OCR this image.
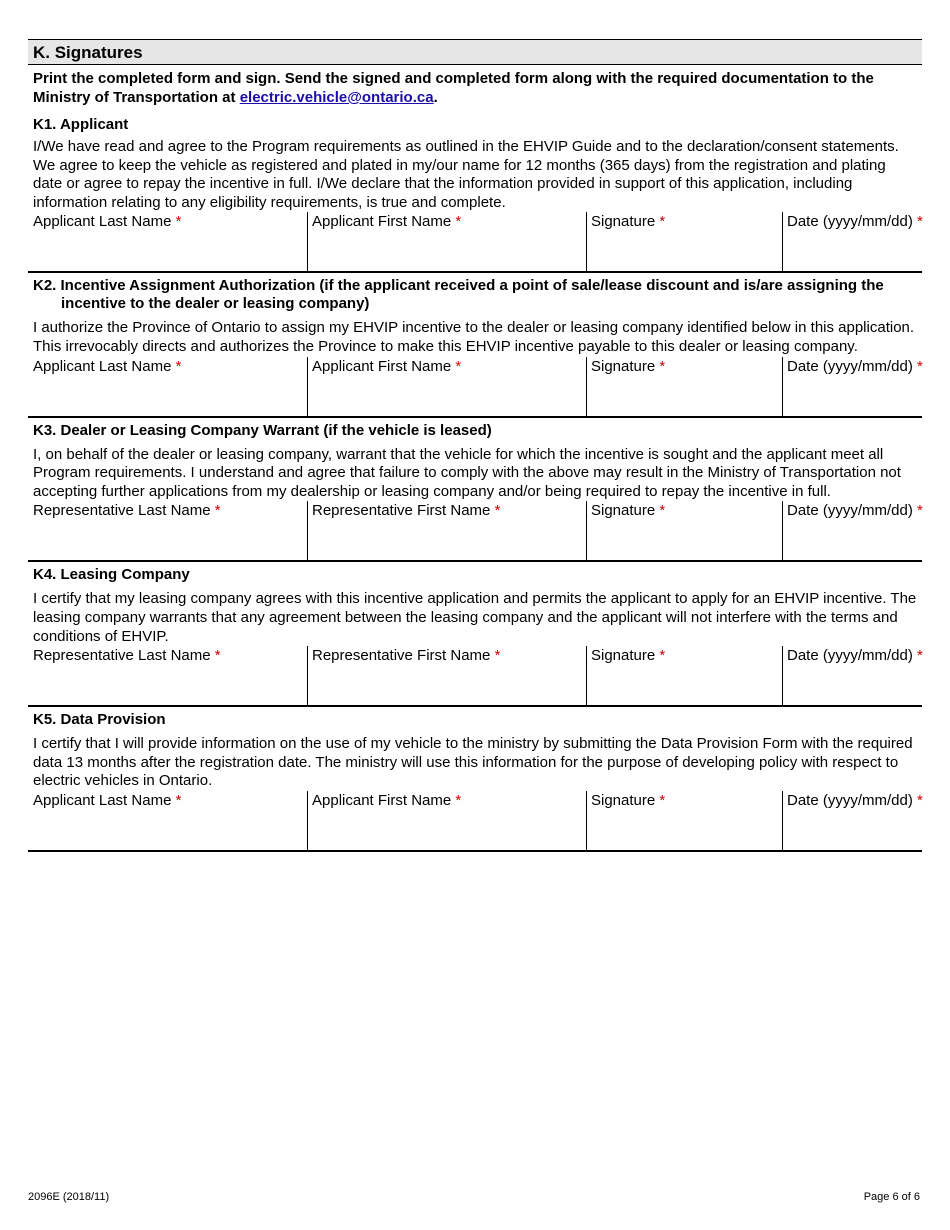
K. Signatures
Print the completed form and sign. Send the signed and completed form along with the required documentation to the Ministry of Transportation at electric.vehicle@ontario.ca.
K1. Applicant
I/We have read and agree to the Program requirements as outlined in the EHVIP Guide and to the declaration/consent statements. We agree to keep the vehicle as registered and plated in my/our name for 12 months (365 days) from the registration and plating date or agree to repay the incentive in full. I/We declare that the information provided in support of this application, including information relating to any eligibility requirements, is true and complete.
Applicant Last Name *	Applicant First Name *	Signature *	Date (yyyy/mm/dd) *
K2. Incentive Assignment Authorization (if the applicant received a point of sale/lease discount and is/are assigning the incentive to the dealer or leasing company)
I authorize the Province of Ontario to assign my EHVIP incentive to the dealer or leasing company identified below in this application. This irrevocably directs and authorizes the Province to make this EHVIP incentive payable to this dealer or leasing company.
Applicant Last Name *	Applicant First Name *	Signature *	Date (yyyy/mm/dd) *
K3. Dealer or Leasing Company Warrant (if the vehicle is leased)
I, on behalf of the dealer or leasing company, warrant that the vehicle for which the incentive is sought and the applicant meet all Program requirements. I understand and agree that failure to comply with the above may result in the Ministry of Transportation not accepting further applications from my dealership or leasing company and/or being required to repay the incentive in full.
Representative Last Name *	Representative First Name *	Signature *	Date (yyyy/mm/dd) *
K4. Leasing Company
I certify that my leasing company agrees with this incentive application and permits the applicant to apply for an EHVIP incentive. The leasing company warrants that any agreement between the leasing company and the applicant will not interfere with the terms and conditions of EHVIP.
Representative Last Name *	Representative First Name *	Signature *	Date (yyyy/mm/dd) *
K5. Data Provision
I certify that I will provide information on the use of my vehicle to the ministry by submitting the Data Provision Form with the required data 13 months after the registration date. The ministry will use this information for the purpose of developing policy with respect to electric vehicles in Ontario.
Applicant Last Name *	Applicant First Name *	Signature *	Date (yyyy/mm/dd) *
2096E (2018/11)	Page 6 of 6
